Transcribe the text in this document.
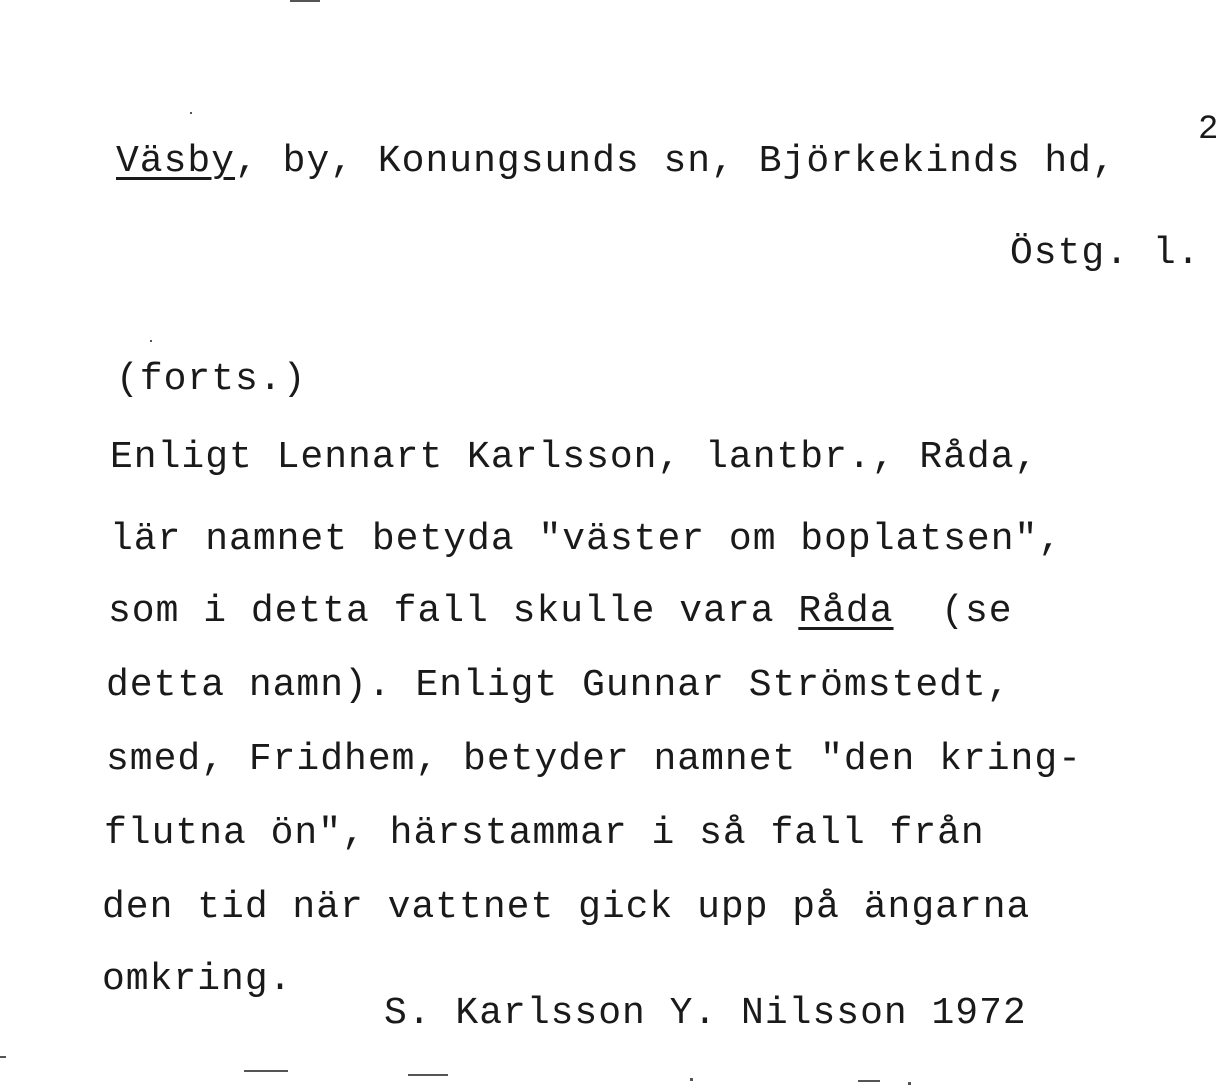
2
Väsby, by, Konungsunds sn, Björkekinds hd,
Östg. l.
(forts.)
Enligt Lennart Karlsson, lantbr., Råda,
lär namnet betyda "väster om boplatsen",
som i detta fall skulle vara Råda  (se
detta namn). Enligt Gunnar Strömstedt,
smed, Fridhem, betyder namnet "den kring-
flutna ön", härstammar i så fall från
den tid när vattnet gick upp på ängarna
omkring.
S. Karlsson Y. Nilsson 1972
